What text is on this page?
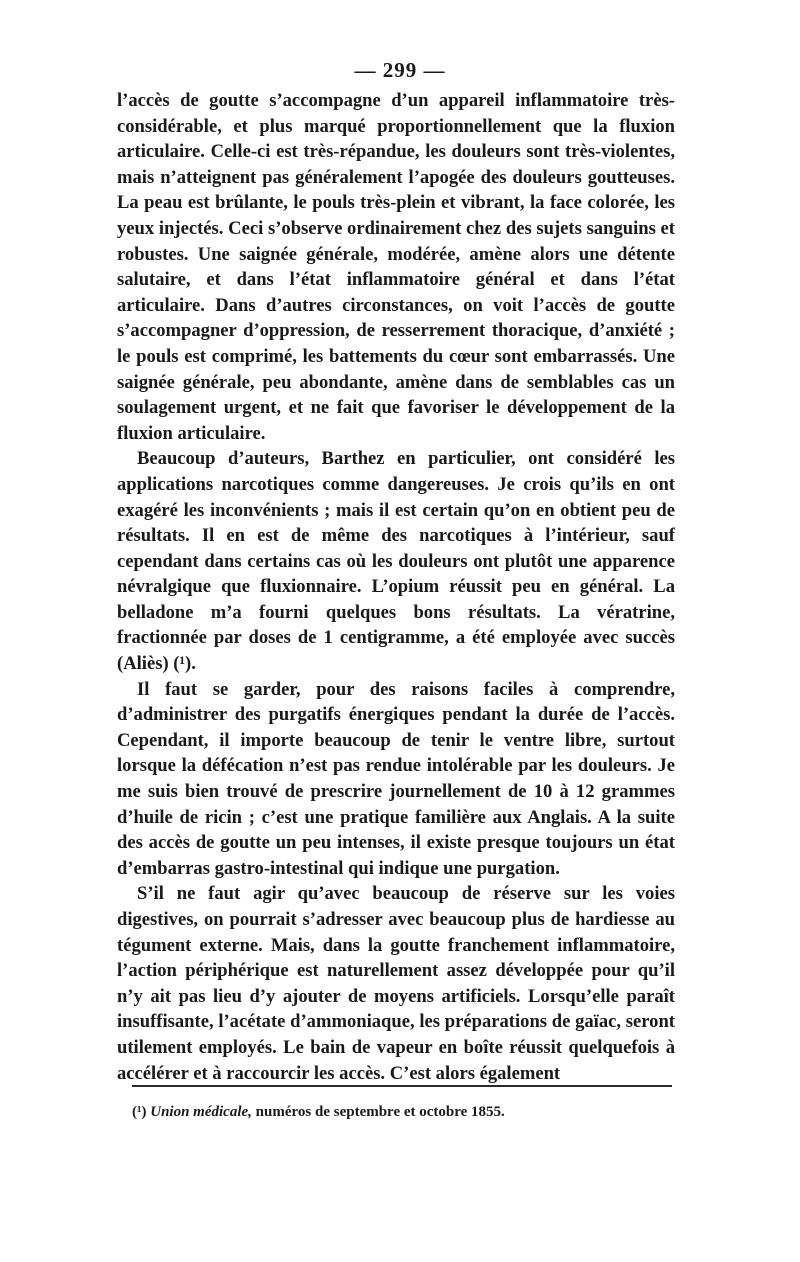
— 299 —

l’accès de goutte s’accompagne d’un appareil inflammatoire très-considérable, et plus marqué proportionnellement que la fluxion articulaire. Celle-ci est très-répandue, les douleurs sont très-violentes, mais n’atteignent pas généralement l’apogée des douleurs goutteuses. La peau est brûlante, le pouls très-plein et vibrant, la face colorée, les yeux injectés. Ceci s’observe ordinairement chez des sujets sanguins et robustes. Une saignée générale, modérée, amène alors une détente salutaire, et dans l’état inflammatoire général et dans l’état articulaire. Dans d’autres circonstances, on voit l’accès de goutte s’accompagner d’oppression, de resserrement thoracique, d’anxiété ; le pouls est comprimé, les battements du cœur sont embarrassés. Une saignée générale, peu abondante, amène dans de semblables cas un soulagement urgent, et ne fait que favoriser le développement de la fluxion articulaire.

Beaucoup d’auteurs, Barthez en particulier, ont considéré les applications narcotiques comme dangereuses. Je crois qu’ils en ont exagéré les inconvénients ; mais il est certain qu’on en obtient peu de résultats. Il en est de même des narcotiques à l’intérieur, sauf cependant dans certains cas où les douleurs ont plutôt une apparence névralgique que fluxionnaire. L’opium réussit peu en général. La belladone m’a fourni quelques bons résultats. La vératrine, fractionnée par doses de 1 centigramme, a été employée avec succès (Aliès) (¹).

Il faut se garder, pour des raisons faciles à comprendre, d’administrer des purgatifs énergiques pendant la durée de l’accès. Cependant, il importe beaucoup de tenir le ventre libre, surtout lorsque la défécation n’est pas rendue intolérable par les douleurs. Je me suis bien trouvé de prescrire journellement de 10 à 12 grammes d’huile de ricin ; c’est une pratique familière aux Anglais. A la suite des accès de goutte un peu intenses, il existe presque toujours un état d’embarras gastro-intestinal qui indique une purgation.

S’il ne faut agir qu’avec beaucoup de réserve sur les voies digestives, on pourrait s’adresser avec beaucoup plus de hardiesse au tégument externe. Mais, dans la goutte franchement inflammatoire, l’action périphérique est naturellement assez développée pour qu’il n’y ait pas lieu d’y ajouter de moyens artificiels. Lorsqu’elle paraît insuffisante, l’acétate d’ammoniaque, les préparations de gaïac, seront utilement employés. Le bain de vapeur en boîte réussit quelquefois à accélérer et à raccourcir les accès. C’est alors également

(¹) Union médicale, numéros de septembre et octobre 1855.
